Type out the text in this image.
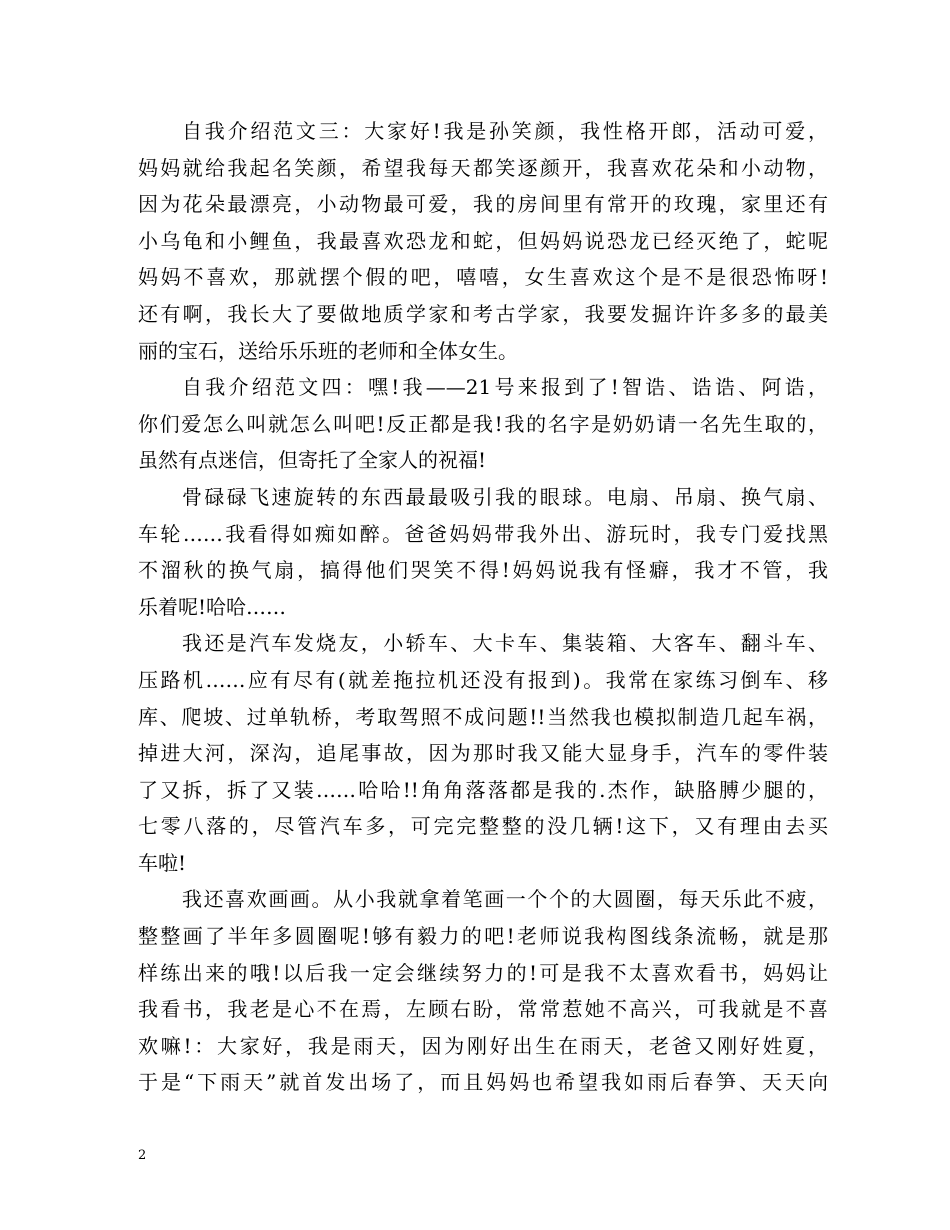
自我介绍范文三：大家好!我是孙笑颜，我性格开郎，活动可爱，
妈妈就给我起名笑颜，希望我每天都笑逐颜开，我喜欢花朵和小动物，
因为花朵最漂亮，小动物最可爱，我的房间里有常开的玫瑰，家里还有
小乌龟和小鲤鱼，我最喜欢恐龙和蛇，但妈妈说恐龙已经灭绝了，蛇呢
妈妈不喜欢，那就摆个假的吧，嘻嘻，女生喜欢这个是不是很恐怖呀!
还有啊，我长大了要做地质学家和考古学家，我要发掘许许多多的最美
丽的宝石，送给乐乐班的老师和全体女生。
自我介绍范文四：嘿!我——21号来报到了!智诰、诰诰、阿诰，
你们爱怎么叫就怎么叫吧!反正都是我!我的名字是奶奶请一名先生取的，
虽然有点迷信，但寄托了全家人的祝福!
骨碌碌飞速旋转的东西最最吸引我的眼球。电扇、吊扇、换气扇、
车轮……我看得如痴如醉。爸爸妈妈带我外出、游玩时，我专门爱找黑
不溜秋的换气扇，搞得他们哭笑不得!妈妈说我有怪癖，我才不管，我
乐着呢!哈哈……
我还是汽车发烧友，小轿车、大卡车、集装箱、大客车、翻斗车、
压路机……应有尽有(就差拖拉机还没有报到)。我常在家练习倒车、移
库、爬坡、过单轨桥，考取驾照不成问题!!当然我也模拟制造几起车祸，
掉进大河，深沟，追尾事故，因为那时我又能大显身手，汽车的零件装
了又拆，拆了又装……哈哈!!角角落落都是我的.杰作，缺胳膊少腿的，
七零八落的，尽管汽车多，可完完整整的没几辆!这下，又有理由去买
车啦!
我还喜欢画画。从小我就拿着笔画一个个的大圆圈，每天乐此不疲，
整整画了半年多圆圈呢!够有毅力的吧!老师说我构图线条流畅，就是那
样练出来的哦!以后我一定会继续努力的!可是我不太喜欢看书，妈妈让
我看书，我老是心不在焉，左顾右盼，常常惹她不高兴，可我就是不喜
欢嘛!：大家好，我是雨天，因为刚好出生在雨天，老爸又刚好姓夏，
于是“下雨天”就首发出场了，而且妈妈也希望我如雨后春笋、天天向
2
